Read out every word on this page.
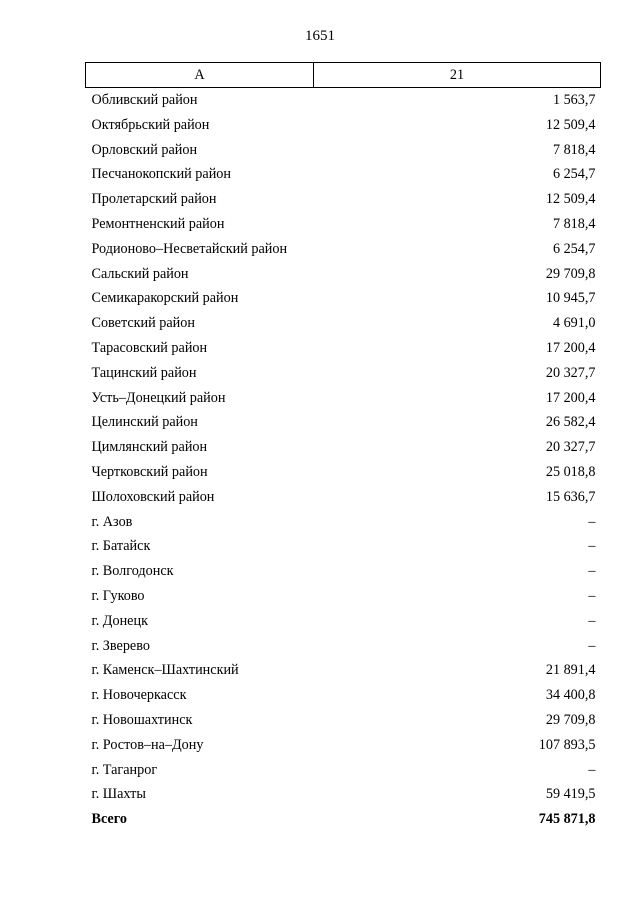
1651
А	21
Обливский район	1 563,7
Октябрьский район	12 509,4
Орловский район	7 818,4
Песчанокопский район	6 254,7
Пролетарский район	12 509,4
Ремонтненский район	7 818,4
Родионово–Несветайский район	6 254,7
Сальский район	29 709,8
Семикаракорский район	10 945,7
Советский район	4 691,0
Тарасовский район	17 200,4
Тацинский район	20 327,7
Усть–Донецкий район	17 200,4
Целинский район	26 582,4
Цимлянский район	20 327,7
Чертковский район	25 018,8
Шолоховский район	15 636,7
г. Азов	–
г. Батайск	–
г. Волгодонск	–
г. Гуково	–
г. Донецк	–
г. Зверево	–
г. Каменск–Шахтинский	21 891,4
г. Новочеркасск	34 400,8
г. Новошахтинск	29 709,8
г. Ростов–на–Дону	107 893,5
г. Таганрог	–
г. Шахты	59 419,5
Всего	745 871,8
